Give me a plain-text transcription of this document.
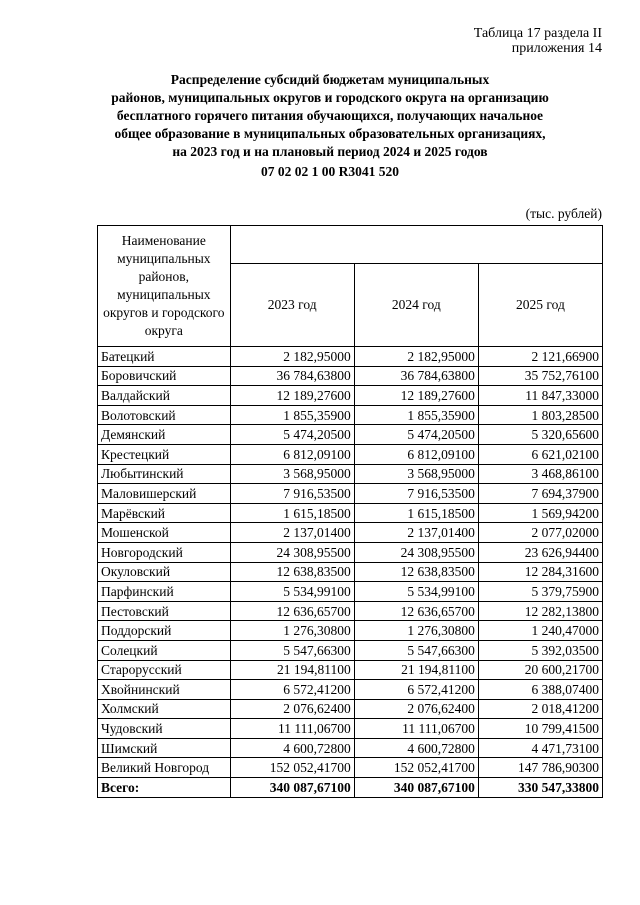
Таблица 17 раздела II
приложения 14
Распределение субсидий бюджетам муниципальных
районов, муниципальных округов и городского округа на организацию
бесплатного горячего питания обучающихся, получающих начальное
общее образование в муниципальных образовательных организациях,
на 2023 год и на плановый период 2024 и 2025 годов
07 02 02 1 00 R3041 520
(тыс. рублей)
Наименование муниципальных районов, муниципальных округов и городского округа			
	2023 год	2024 год	2025 год
Батецкий	2 182,95000	2 182,95000	2 121,66900
Боровичский	36 784,63800	36 784,63800	35 752,76100
Валдайский	12 189,27600	12 189,27600	11 847,33000
Волотовский	1 855,35900	1 855,35900	1 803,28500
Демянский	5 474,20500	5 474,20500	5 320,65600
Крестецкий	6 812,09100	6 812,09100	6 621,02100
Любытинский	3 568,95000	3 568,95000	3 468,86100
Маловишерский	7 916,53500	7 916,53500	7 694,37900
Марёвский	1 615,18500	1 615,18500	1 569,94200
Мошенской	2 137,01400	2 137,01400	2 077,02000
Новгородский	24 308,95500	24 308,95500	23 626,94400
Окуловский	12 638,83500	12 638,83500	12 284,31600
Парфинский	5 534,99100	5 534,99100	5 379,75900
Пестовский	12 636,65700	12 636,65700	12 282,13800
Поддорский	1 276,30800	1 276,30800	1 240,47000
Солецкий	5 547,66300	5 547,66300	5 392,03500
Старорусский	21 194,81100	21 194,81100	20 600,21700
Хвойнинский	6 572,41200	6 572,41200	6 388,07400
Холмский	2 076,62400	2 076,62400	2 018,41200
Чудовский	11 111,06700	11 111,06700	10 799,41500
Шимский	4 600,72800	4 600,72800	4 471,73100
Великий Новгород	152 052,41700	152 052,41700	147 786,90300
Всего:	340 087,67100	340 087,67100	330 547,33800
